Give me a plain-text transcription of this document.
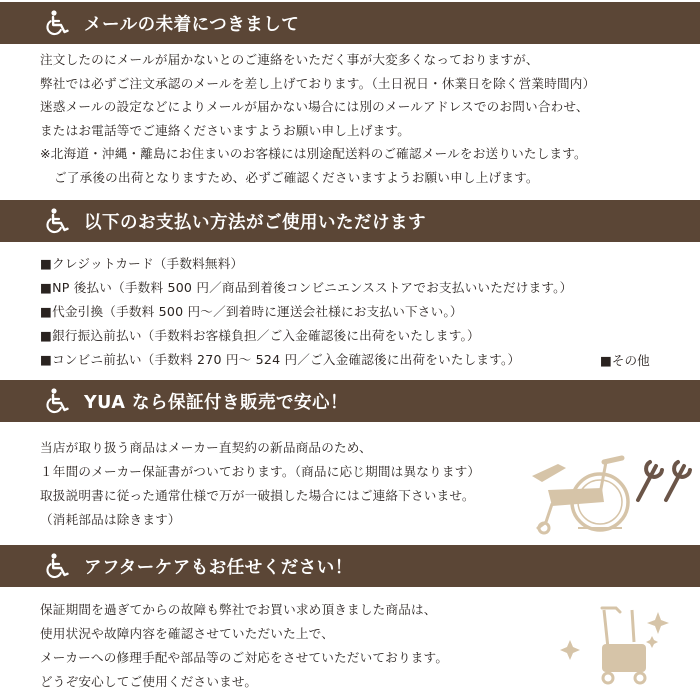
メールの未着につきまして
注文したのにメールが届かないとのご連絡をいただく事が大変多くなっておりますが、
弊社では必ずご注文承認のメールを差し上げております。（土日祝日・休業日を除く営業時間内）
迷惑メールの設定などによりメールが届かない場合には別のメールアドレスでのお問い合わせ、
またはお電話等でご連絡くださいますようお願い申し上げます。
※北海道・沖縄・離島にお住まいのお客様には別途配送料のご確認メールをお送りいたします。
ご了承後の出荷となりますため、必ずご確認くださいますようお願い申し上げます。
以下のお支払い方法がご使用いただけます
■クレジットカード（手数料無料）
■NP 後払い（手数料 500 円／商品到着後コンビニエンスストアでお支払いいただけます。）
■代金引換（手数料 500 円～／到着時に運送会社様にお支払い下さい。）
■銀行振込前払い（手数料お客様負担／ご入金確認後に出荷をいたします。）
■コンビニ前払い（手数料 270 円～ 524 円／ご入金確認後に出荷をいたします。）	■その他
YUA なら保証付き販売で安心！
当店が取り扱う商品はメーカー直契約の新品商品のため、
１年間のメーカー保証書がついております。（商品に応じ期間は異なります）
取扱説明書に従った通常仕様で万が一破損した場合にはご連絡下さいませ。
（消耗部品は除きます）
アフターケアもお任せください！
保証期間を過ぎてからの故障も弊社でお買い求め頂きました商品は、
使用状況や故障内容を確認させていただいた上で、
メーカーへの修理手配や部品等のご対応をさせていただいております。
どうぞ安心してご使用くださいませ。
